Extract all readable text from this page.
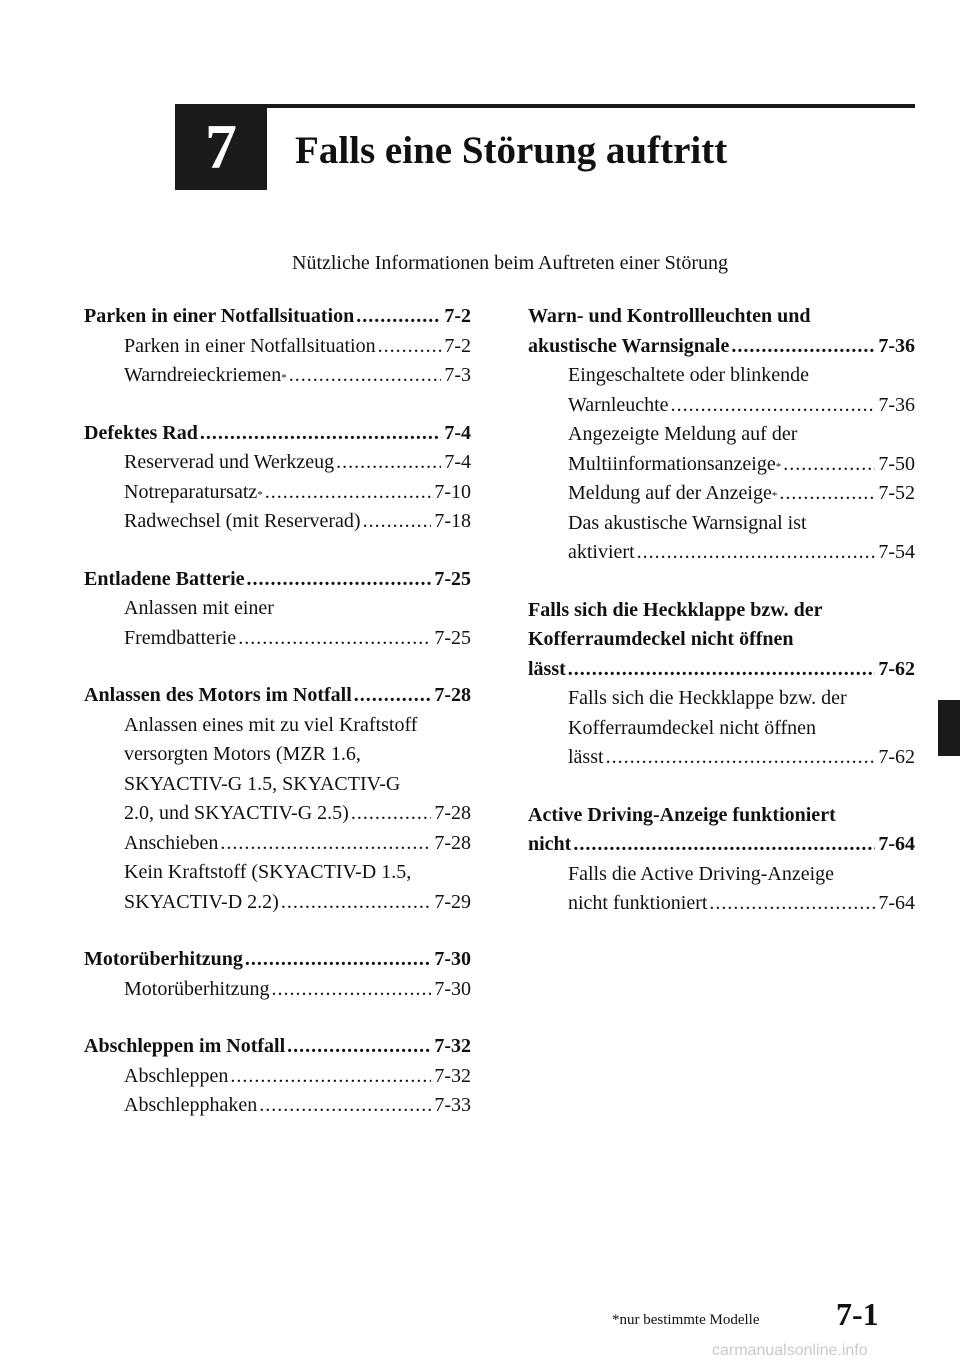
7	Falls eine Störung auftritt
Nützliche Informationen beim Auftreten einer Störung
Parken in einer Notfallsituation .....	7-2
Parken in einer Notfallsituation .....	7-2
Warndreieckriemen * .....	7-3
Defektes Rad .....	7-4
Reserverad und Werkzeug .....	7-4
Notreparatursatz * .....	7-10
Radwechsel (mit Reserverad) .....	7-18
Entladene Batterie .....	7-25
Anlassen mit einer
Fremdbatterie .....	7-25
Anlassen des Motors im Notfall .....	7-28
Anlassen eines mit zu viel Kraftstoff
versorgten Motors (MZR 1.6,
SKYACTIV-G 1.5, SKYACTIV-G
2.0, und SKYACTIV-G 2.5) .....	7-28
Anschieben .....	7-28
Kein Kraftstoff (SKYACTIV-D 1.5,
SKYACTIV-D 2.2) .....	7-29
Motorüberhitzung .....	7-30
Motorüberhitzung .....	7-30
Abschleppen im Notfall .....	7-32
Abschleppen .....	7-32
Abschlepphaken .....	7-33
Warn- und Kontrollleuchten und
akustische Warnsignale .....	7-36
Eingeschaltete oder blinkende
Warnleuchte .....	7-36
Angezeigte Meldung auf der
Multiinformationsanzeige * .....	7-50
Meldung auf der Anzeige * .....	7-52
Das akustische Warnsignal ist
aktiviert .....	7-54
Falls sich die Heckklappe bzw. der
Kofferraumdeckel nicht öffnen
lässt .....	7-62
Falls sich die Heckklappe bzw. der
Kofferraumdeckel nicht öffnen
lässt .....	7-62
Active Driving-Anzeige funktioniert
nicht .....	7-64
Falls die Active Driving-Anzeige
nicht funktioniert .....	7-64
*nur bestimmte Modelle 7-1
carmanualsonline.info
